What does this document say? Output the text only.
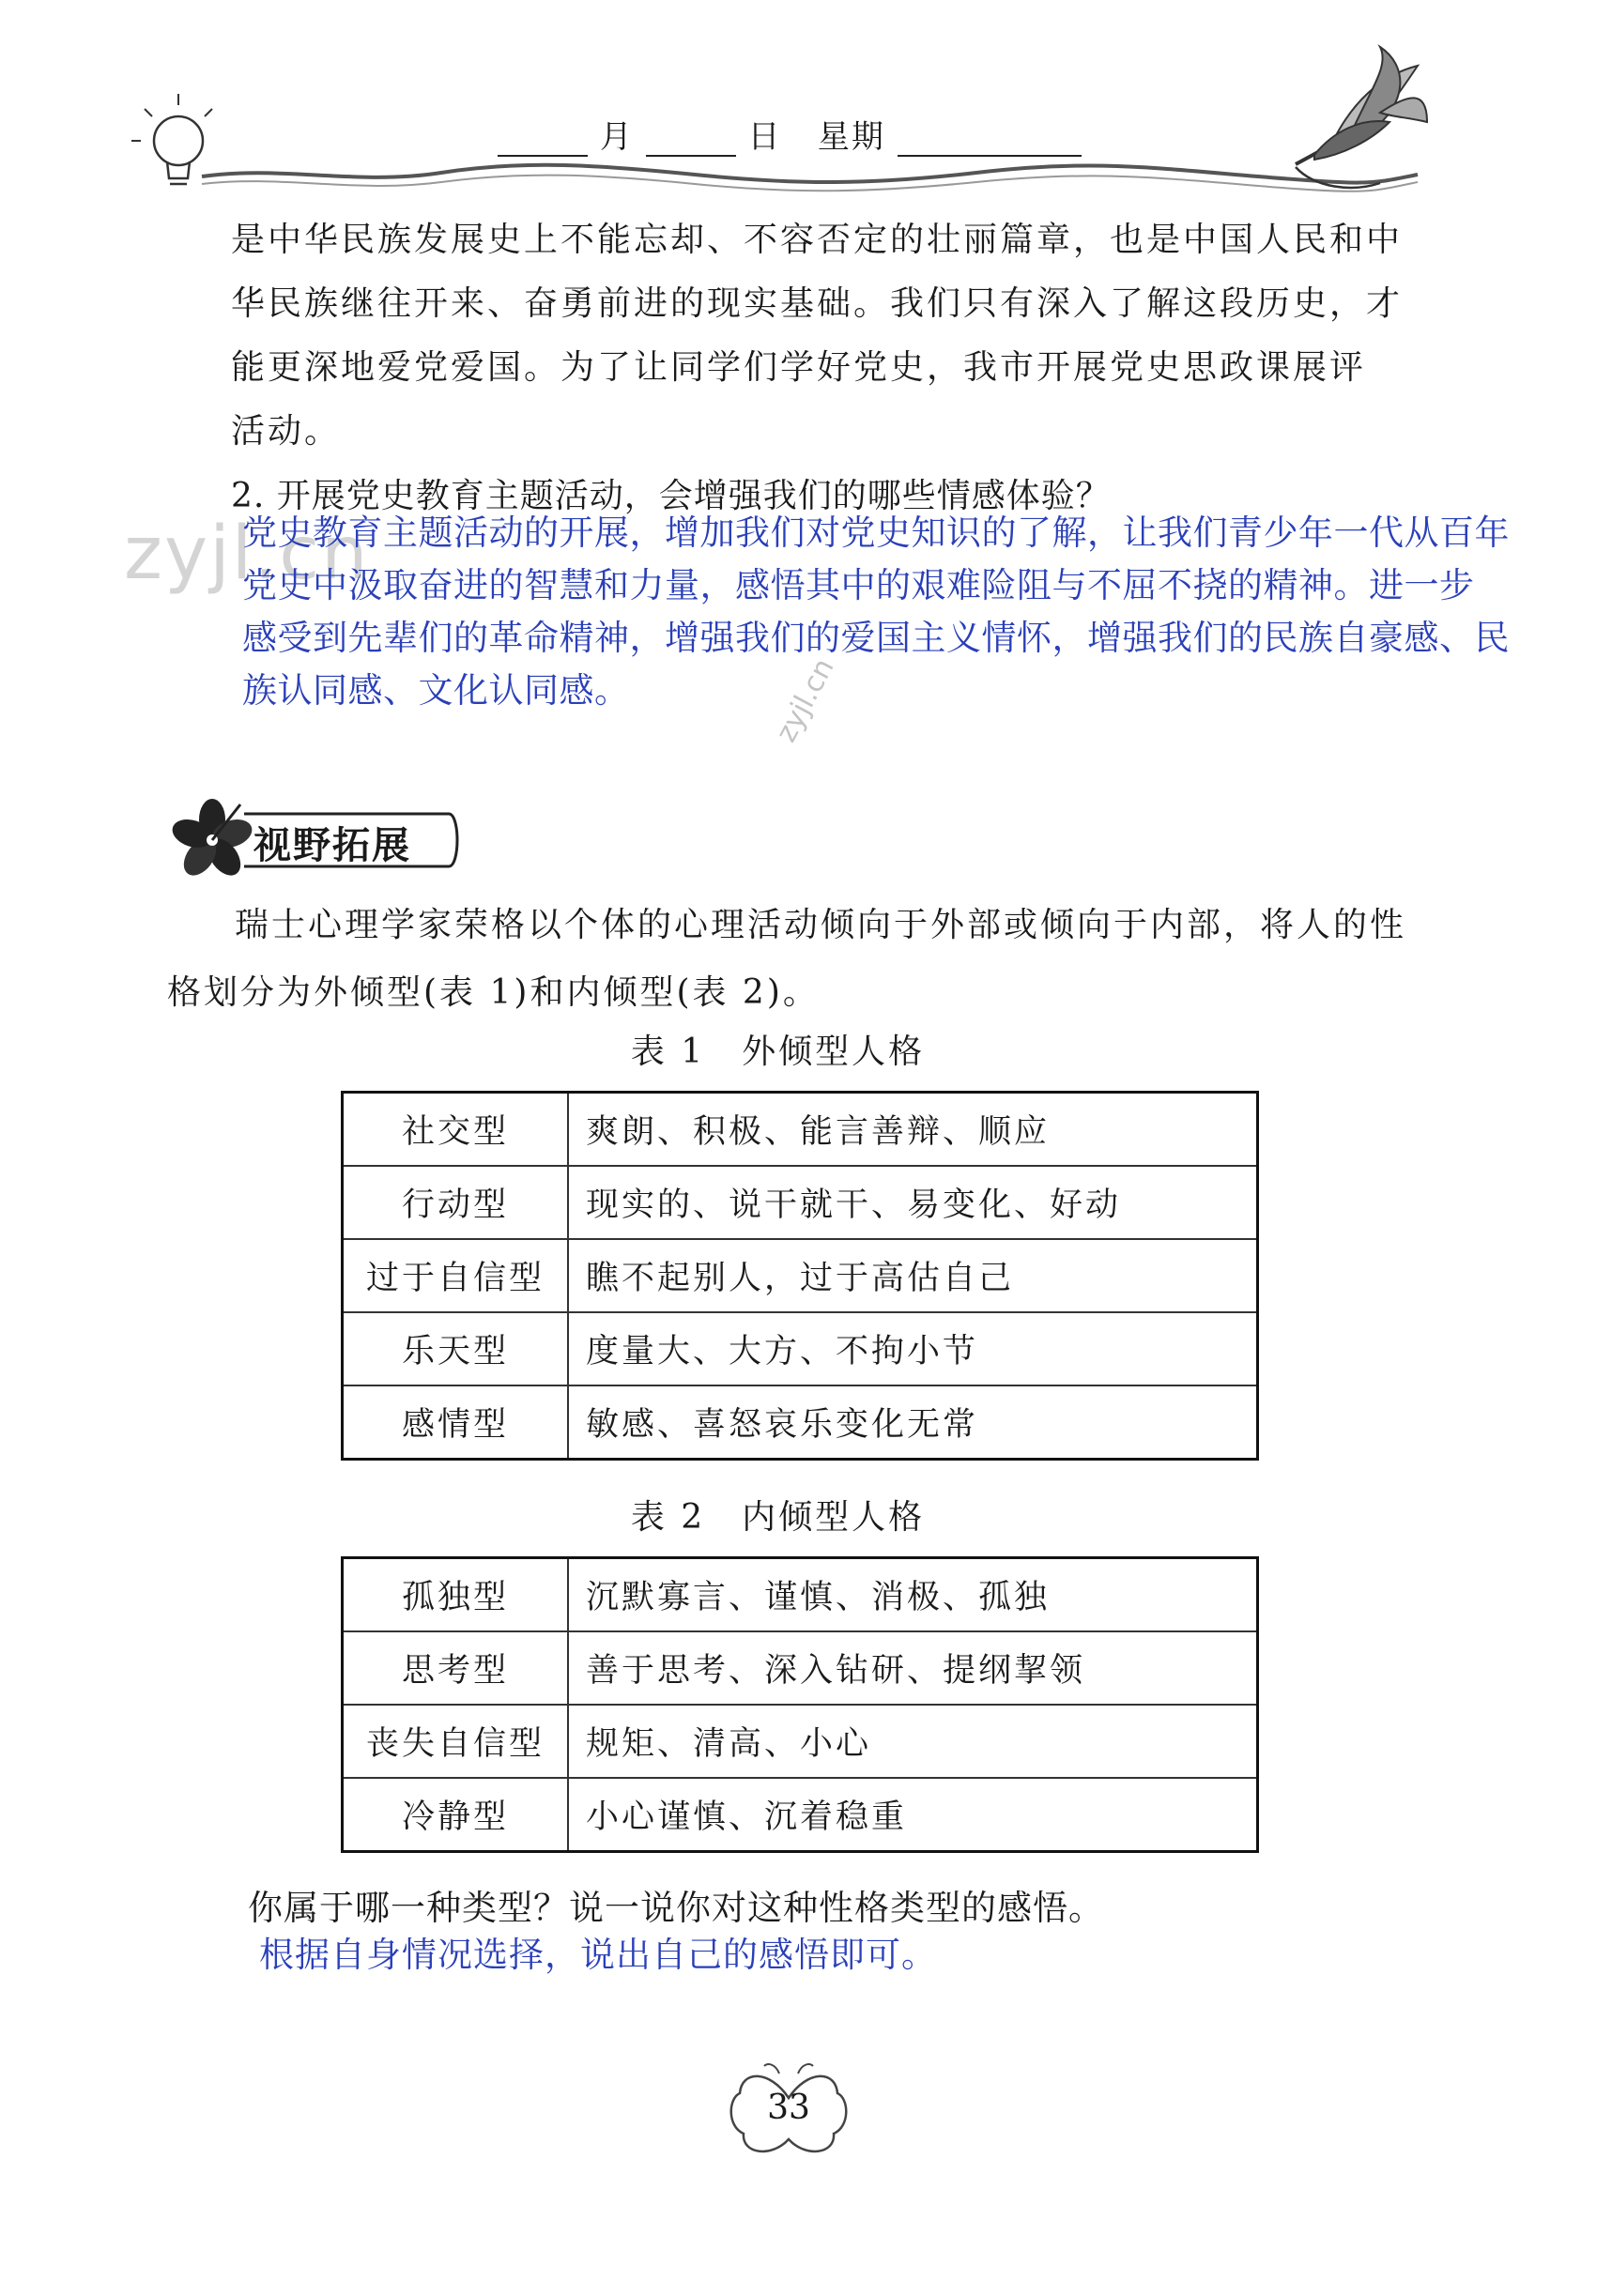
月	日 星期
是中华民族发展史上不能忘却、不容否定的壮丽篇章，也是中国人民和中
华民族继往开来、奋勇前进的现实基础。我们只有深入了解这段历史，才
能更深地爱党爱国。为了让同学们学好党史，我市开展党史思政课展评
活动。

2. 开展党史教育主题活动，会增强我们的哪些情感体验？

zyjl.cn
党史教育主题活动的开展，增加我们对党史知识的了解，让我们青少年一代从百年
党史中汲取奋进的智慧和力量，感悟其中的艰难险阻与不屈不挠的精神。进一步
感受到先辈们的革命精神，增强我们的爱国主义情怀，增强我们的民族自豪感、民
族认同感、文化认同感。	zyjl.cn
视野拓展

瑞士心理学家荣格以个体的心理活动倾向于外部或倾向于内部，将人的性格划分为外倾型(表 1)和内倾型(表 2)。

表 1　外倾型人格

社交型	爽朗、积极、能言善辩、顺应
行动型	现实的、说干就干、易变化、好动
过于自信型	瞧不起别人，过于高估自己
乐天型	度量大、大方、不拘小节
感情型	敏感、喜怒哀乐变化无常

表 2　内倾型人格

孤独型	沉默寡言、谨慎、消极、孤独
思考型	善于思考、深入钻研、提纲挈领
丧失自信型	规矩、清高、小心
冷静型	小心谨慎、沉着稳重

你属于哪一种类型？说一说你对这种性格类型的感悟。

根据自身情况选择，说出自己的感悟即可。

33
